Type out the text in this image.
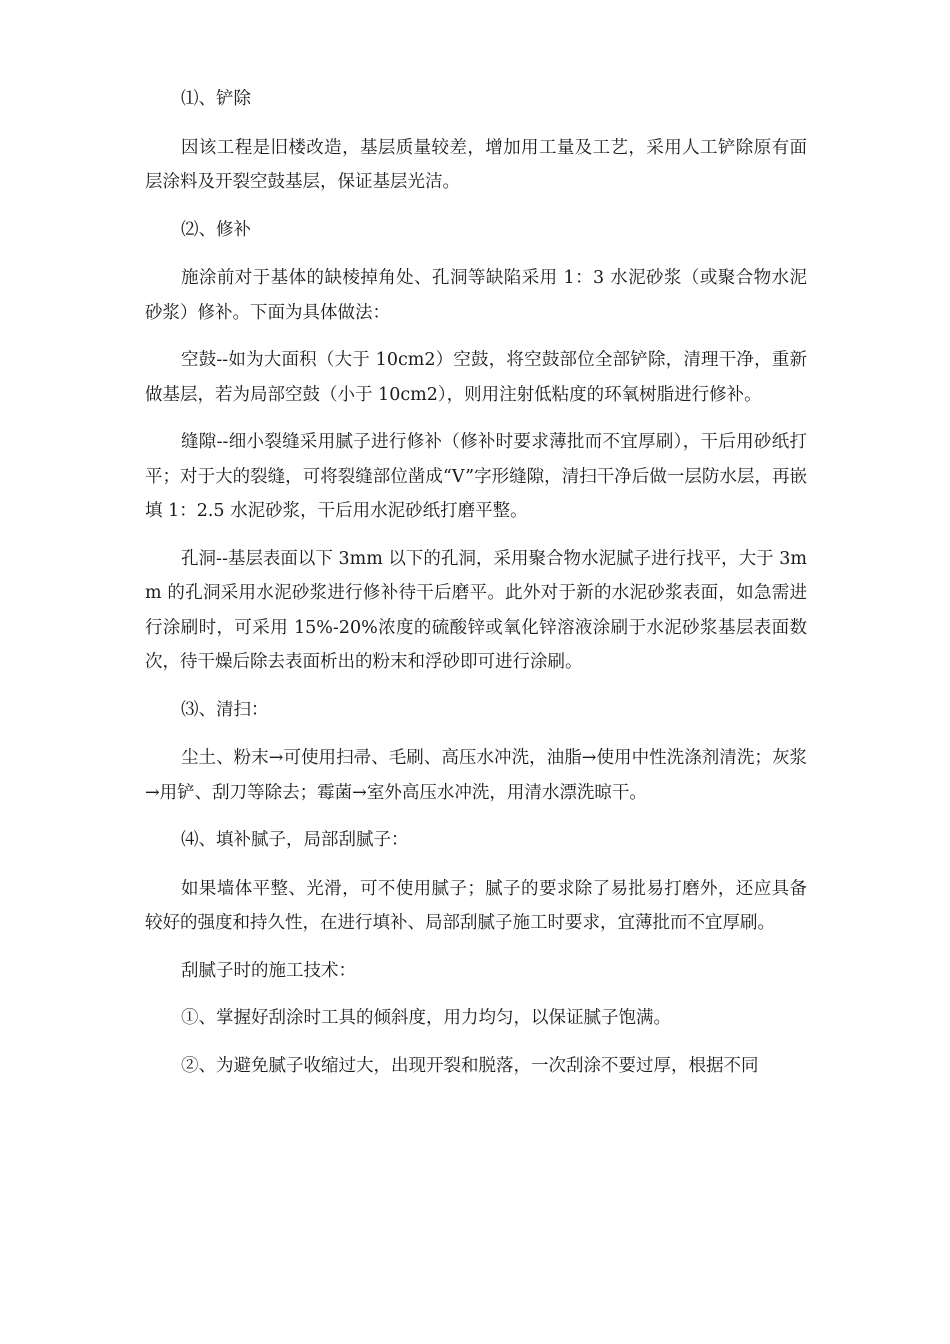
⑴、铲除

因该工程是旧楼改造，基层质量较差，增加用工量及工艺，采用人工铲除原有面层涂料及开裂空鼓基层，保证基层光洁。

⑵、修补

施涂前对于基体的缺棱掉角处、孔洞等缺陷采用 1：3 水泥砂浆（或聚合物水泥砂浆）修补。下面为具体做法：

空鼓--如为大面积（大于 10cm2）空鼓，将空鼓部位全部铲除，清理干净，重新做基层，若为局部空鼓（小于 10cm2），则用注射低粘度的环氧树脂进行修补。

缝隙--细小裂缝采用腻子进行修补（修补时要求薄批而不宜厚刷），干后用砂纸打平；对于大的裂缝，可将裂缝部位凿成“V”字形缝隙，清扫干净后做一层防水层，再嵌填 1：2.5 水泥砂浆，干后用水泥砂纸打磨平整。

孔洞--基层表面以下 3mm 以下的孔洞，采用聚合物水泥腻子进行找平，大于 3mm 的孔洞采用水泥砂浆进行修补待干后磨平。此外对于新的水泥砂浆表面，如急需进行涂刷时，可采用 15%-20%浓度的硫酸锌或氧化锌溶液涂刷于水泥砂浆基层表面数次，待干燥后除去表面析出的粉末和浮砂即可进行涂刷。

⑶、清扫：

尘土、粉末→可使用扫帚、毛刷、高压水冲洗，油脂→使用中性洗涤剂清洗；灰浆→用铲、刮刀等除去；霉菌→室外高压水冲洗，用清水漂洗晾干。

⑷、填补腻子，局部刮腻子：

如果墙体平整、光滑，可不使用腻子；腻子的要求除了易批易打磨外，还应具备较好的强度和持久性，在进行填补、局部刮腻子施工时要求，宜薄批而不宜厚刷。

刮腻子时的施工技术：

①、掌握好刮涂时工具的倾斜度，用力均匀，以保证腻子饱满。

②、为避免腻子收缩过大，出现开裂和脱落，一次刮涂不要过厚，根据不同
